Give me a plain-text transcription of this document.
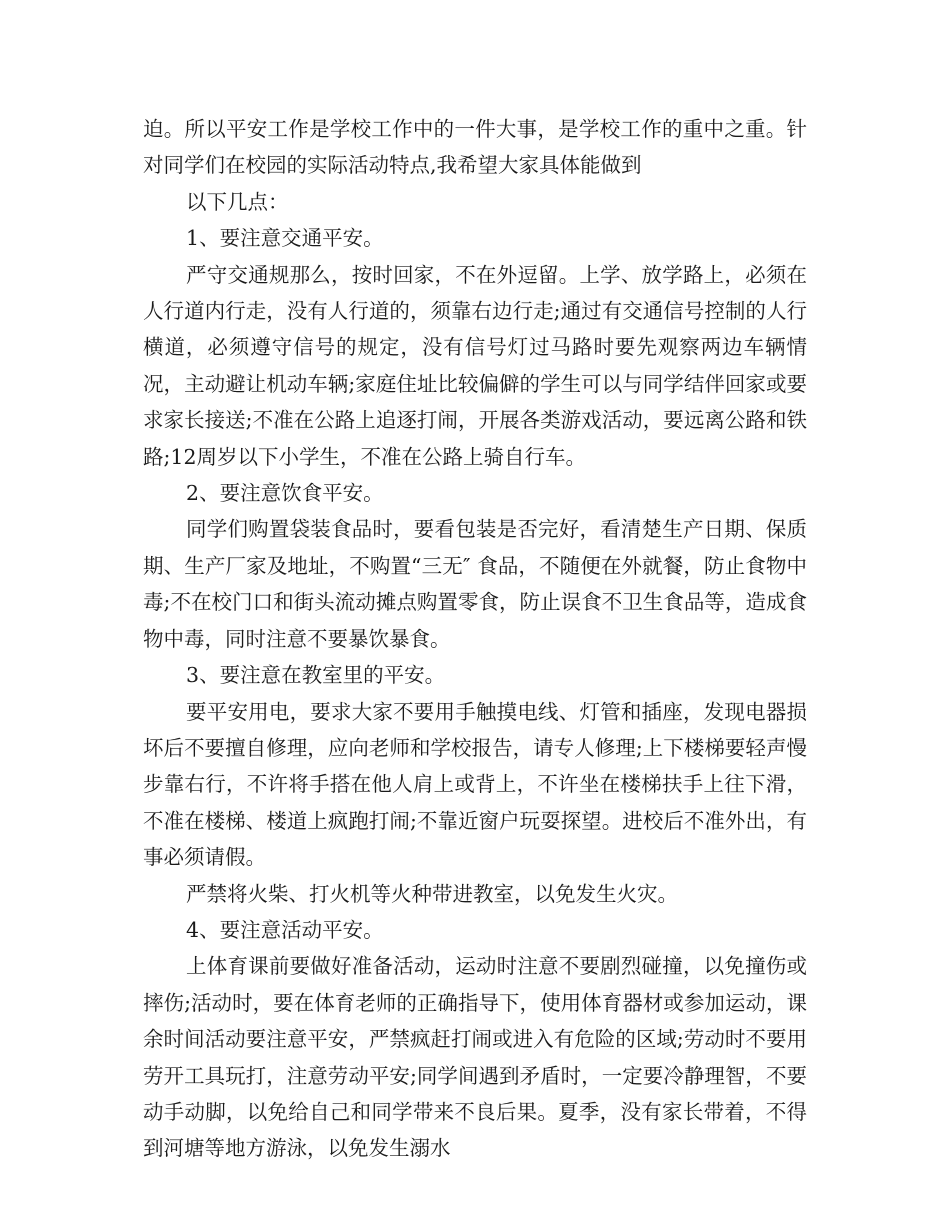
迫。所以平安工作是学校工作中的一件大事，是学校工作的重中之重。针对同学们在校园的实际活动特点,我希望大家具体能做到

以下几点：

1、要注意交通平安。

严守交通规那么，按时回家，不在外逗留。上学、放学路上，必须在人行道内行走，没有人行道的，须靠右边行走;通过有交通信号控制的人行横道，必须遵守信号的规定，没有信号灯过马路时要先观察两边车辆情况，主动避让机动车辆;家庭住址比较偏僻的学生可以与同学结伴回家或要求家长接送;不准在公路上追逐打闹，开展各类游戏活动，要远离公路和铁路;12周岁以下小学生，不准在公路上骑自行车。

2、要注意饮食平安。

同学们购置袋装食品时，要看包装是否完好，看清楚生产日期、保质期、生产厂家及地址，不购置“三无″ 食品，不随便在外就餐，防止食物中毒;不在校门口和街头流动摊点购置零食，防止误食不卫生食品等，造成食物中毒，同时注意不要暴饮暴食。

3、要注意在教室里的平安。

要平安用电，要求大家不要用手触摸电线、灯管和插座，发现电器损坏后不要擅自修理，应向老师和学校报告，请专人修理;上下楼梯要轻声慢步靠右行，不许将手搭在他人肩上或背上，不许坐在楼梯扶手上往下滑，不准在楼梯、楼道上疯跑打闹;不靠近窗户玩耍探望。进校后不准外出，有事必须请假。

严禁将火柴、打火机等火种带进教室，以免发生火灾。

4、要注意活动平安。

上体育课前要做好准备活动，运动时注意不要剧烈碰撞，以免撞伤或摔伤;活动时，要在体育老师的正确指导下，使用体育器材或参加运动，课余时间活动要注意平安，严禁疯赶打闹或进入有危险的区域;劳动时不要用劳开工具玩打，注意劳动平安;同学间遇到矛盾时，一定要冷静理智，不要动手动脚，以免给自己和同学带来不良后果。夏季，没有家长带着，不得到河塘等地方游泳，以免发生溺水
